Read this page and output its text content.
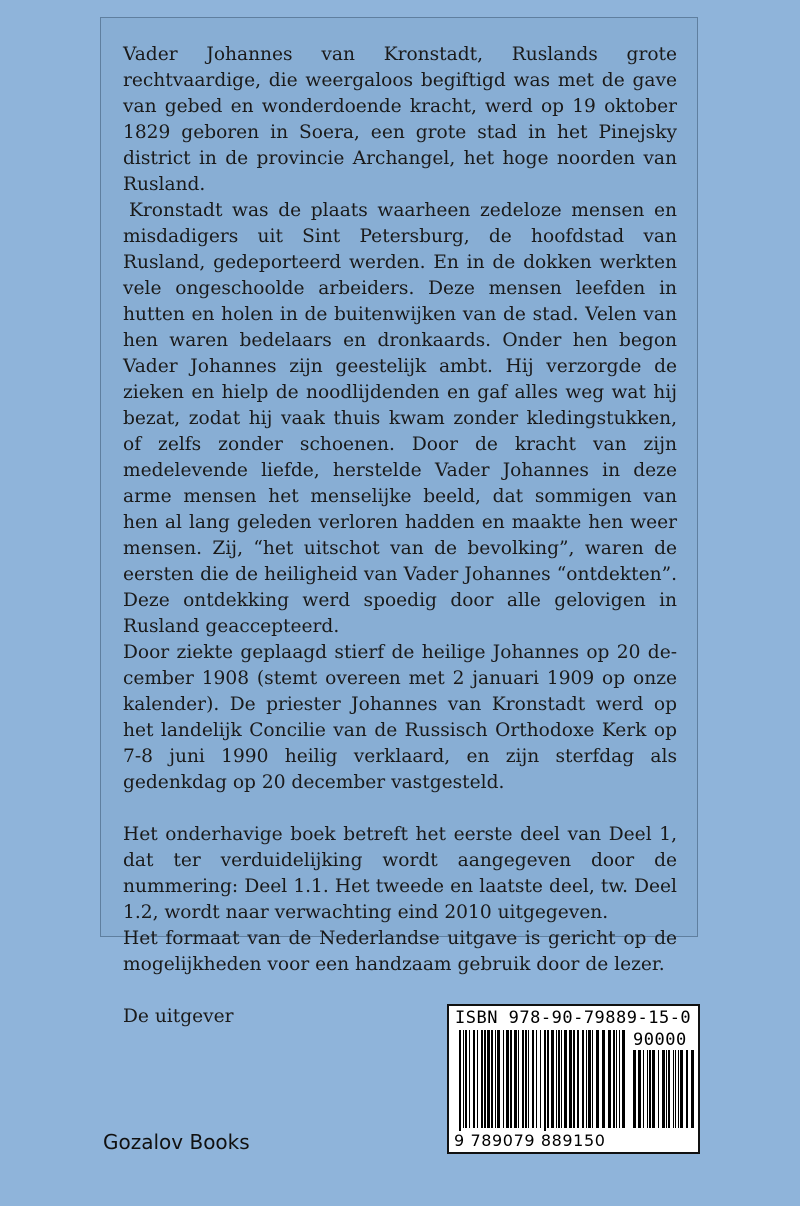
Vader Johannes van Kronstadt, Ruslands grote rechtvaardige, die weergaloos begiftigd was met de gave van gebed en wonderdoende kracht, werd op 19 oktober 1829 geboren in Soera, een grote stad in het Pinejsky district in de provincie Archangel, het hoge noorden van Rusland.

Kronstadt was de plaats waarheen zedeloze mensen en misdadigers uit Sint Petersburg, de hoofdstad van Rusland, gedeporteerd werden. En in de dokken werkten vele ongeschoolde arbeiders. Deze mensen leefden in hutten en holen in de buitenwijken van de stad. Velen van hen waren bedelaars en dronkaards. Onder hen begon Vader Johannes zijn geestelijk ambt. Hij verzorgde de zieken en hielp de noodlijdenden en gaf alles weg wat hij bezat, zodat hij vaak thuis kwam zonder kledingstukken, of zelfs zonder schoenen. Door de kracht van zijn medelevende liefde, herstelde Vader Johannes in deze arme mensen het menselijke beeld, dat sommigen van hen al lang geleden verloren hadden en maakte hen weer mensen. Zij, “het uitschot van de bevolking”, waren de eersten die de heiligheid van Vader Johannes “ontdekten”. Deze ontdekking werd spoedig door alle gelovigen in Rusland geaccepteerd.

Door ziekte geplaagd stierf de heilige Johannes op 20 december 1908 (stemt overeen met 2 januari 1909 op onze kalender). De priester Johannes van Kronstadt werd op het landelijk Concilie van de Russisch Orthodoxe Kerk op 7-8 juni 1990 heilig verklaard, en zijn sterfdag als gedenkdag op 20 december vastgesteld.

Het onderhavige boek betreft het eerste deel van Deel 1, dat ter verduidelijking wordt aangegeven door de nummering: Deel 1.1. Het tweede en laatste deel, tw. Deel 1.2, wordt naar verwachting eind 2010 uitgegeven.

Het formaat van de Nederlandse uitgave is gericht op de mogelijkheden voor een handzaam gebruik door de lezer.

De uitgever

Gozalov Books
ISBN 978-90-79889-15-0
90000
9 789079 889150
